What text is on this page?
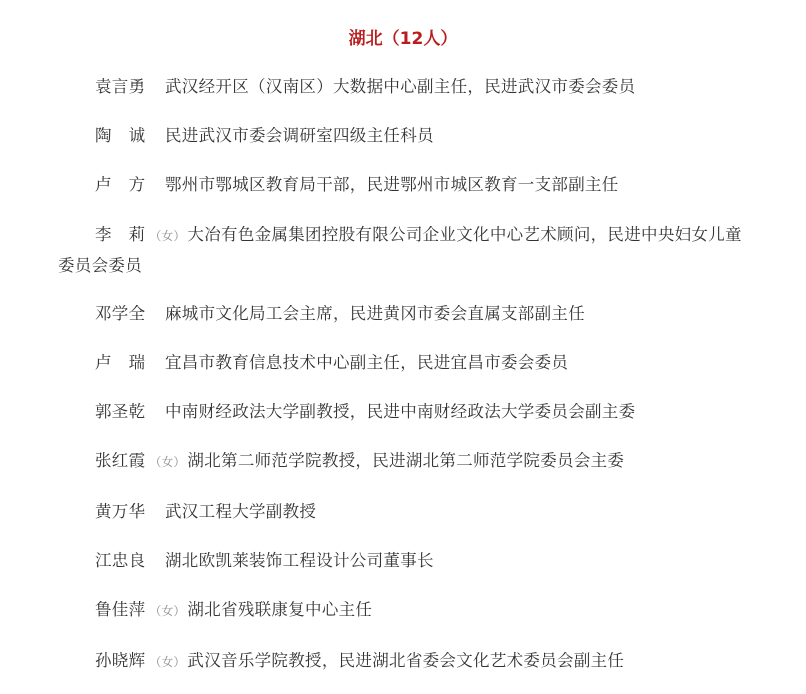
湖北（12人）
袁言勇 武汉经开区（汉南区）大数据中心副主任，民进武汉市委会委员
陶　诚 民进武汉市委会调研室四级主任科员
卢　方 鄂州市鄂城区教育局干部，民进鄂州市城区教育一支部副主任
李　莉 （女） 大冶有色金属集团控股有限公司企业文化中心艺术顾问，民进中央妇女儿童委员会委员
邓学全 麻城市文化局工会主席，民进黄冈市委会直属支部副主任
卢　瑞 宜昌市教育信息技术中心副主任，民进宜昌市委会委员
郭圣乾 中南财经政法大学副教授，民进中南财经政法大学委员会副主委
张红霞 （女） 湖北第二师范学院教授，民进湖北第二师范学院委员会主委
黄万华 武汉工程大学副教授
江忠良 湖北欧凯莱装饰工程设计公司董事长
鲁佳萍 （女） 湖北省残联康复中心主任
孙晓辉 （女） 武汉音乐学院教授，民进湖北省委会文化艺术委员会副主任
